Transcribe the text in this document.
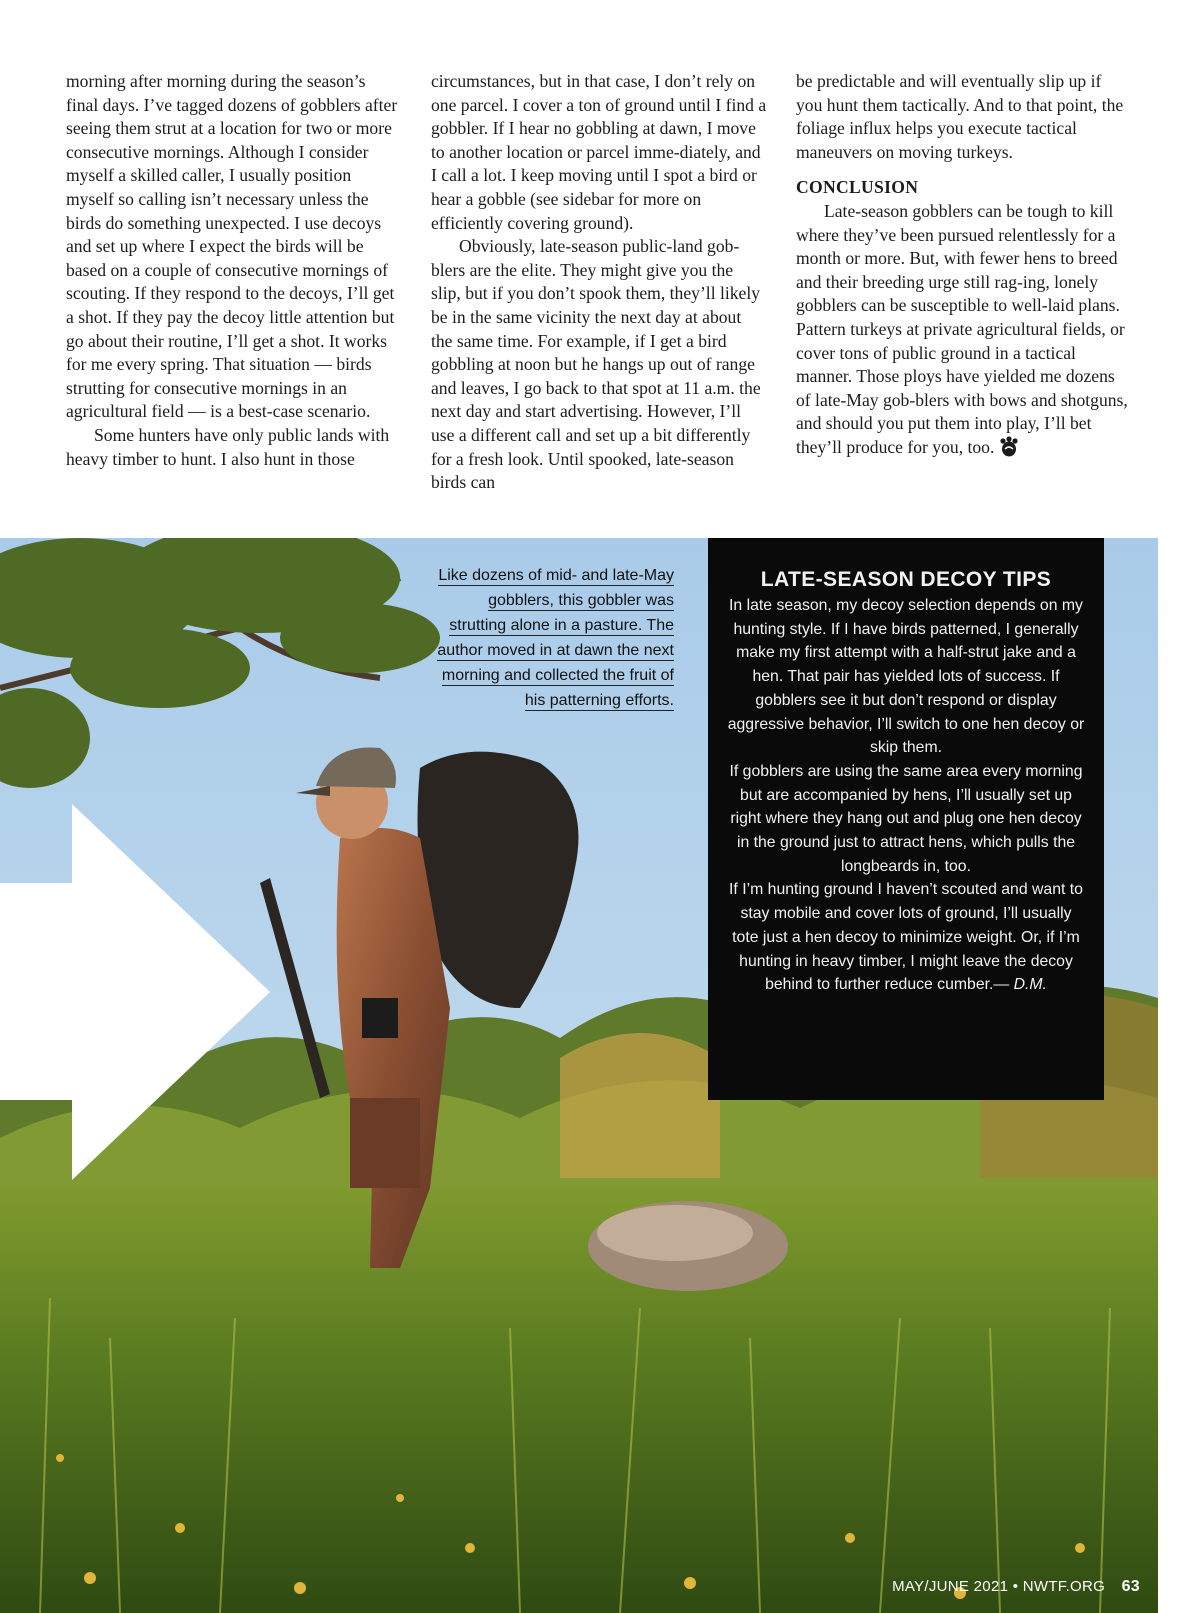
morning after morning during the season’s final days. I’ve tagged dozens of gobblers after seeing them strut at a location for two or more consecutive mornings. Although I consider myself a skilled caller, I usually position myself so calling isn’t necessary unless the birds do something unexpected. I use decoys and set up where I expect the birds will be based on a couple of consecutive mornings of scouting. If they respond to the decoys, I’ll get a shot. If they pay the decoy little attention but go about their routine, I’ll get a shot. It works for me every spring. That situation — birds strutting for consecutive mornings in an agricultural field — is a best-case scenario.

Some hunters have only public lands with heavy timber to hunt. I also hunt in those

circumstances, but in that case, I don’t rely on one parcel. I cover a ton of ground until I find a gobbler. If I hear no gobbling at dawn, I move to another location or parcel imme-diately, and I call a lot. I keep moving until I spot a bird or hear a gobble (see sidebar for more on efficiently covering ground).

Obviously, late-season public-land gob-blers are the elite. They might give you the slip, but if you don’t spook them, they’ll likely be in the same vicinity the next day at about the same time. For example, if I get a bird gobbling at noon but he hangs up out of range and leaves, I go back to that spot at 11 a.m. the next day and start advertising. However, I’ll use a different call and set up a bit differently for a fresh look. Until spooked, late-season birds can

be predictable and will eventually slip up if you hunt them tactically. And to that point, the foliage influx helps you execute tactical maneuvers on moving turkeys.

CONCLUSION

Late-season gobblers can be tough to kill where they’ve been pursued relentlessly for a month or more. But, with fewer hens to breed and their breeding urge still rag-ing, lonely gobblers can be susceptible to well-laid plans. Pattern turkeys at private agricultural fields, or cover tons of public ground in a tactical manner. Those ploys have yielded me dozens of late-May gob-blers with bows and shotguns, and should you put them into play, I’ll bet they’ll produce for you, too.

Like dozens of mid- and late-May gobblers, this gobbler was strutting alone in a pasture. The author moved in at dawn the next morning and collected the fruit of his patterning efforts.
LATE-SEASON DECOY TIPS

In late season, my decoy selection depends on my hunting style. If I have birds patterned, I generally make my first attempt with a half-strut jake and a hen. That pair has yielded lots of success. If gobblers see it but don’t respond or display aggressive behavior, I’ll switch to one hen decoy or skip them.

If gobblers are using the same area every morning but are accompanied by hens, I’ll usually set up right where they hang out and plug one hen decoy in the ground just to attract hens, which pulls the longbeards in, too.

If I’m hunting ground I haven’t scouted and want to stay mobile and cover lots of ground, I’ll usually tote just a hen decoy to minimize weight. Or, if I’m hunting in heavy timber, I might leave the decoy behind to further reduce cumber.— D.M.

MAY/JUNE 2021 • NWTF.ORG 63
